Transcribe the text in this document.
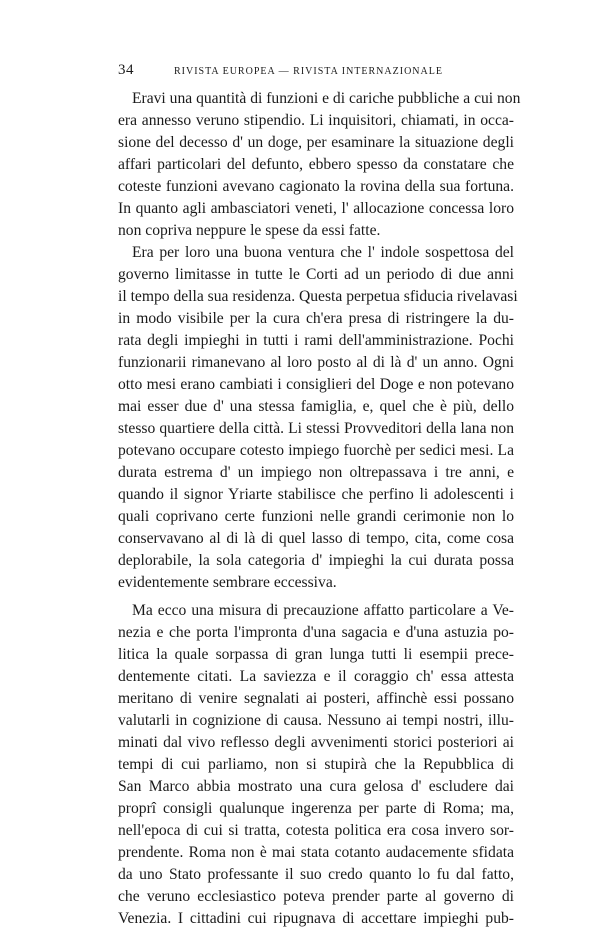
34	RIVISTA EUROPEA — RIVISTA INTERNAZIONALE
Eravi una quantità di funzioni e di cariche pubbliche a cui non
era annesso veruno stipendio. Li inquisitori, chiamati, in occa-
sione del decesso d' un doge, per esaminare la situazione degli
affari particolari del defunto, ebbero spesso da constatare che
coteste funzioni avevano cagionato la rovina della sua fortuna.
In quanto agli ambasciatori veneti, l' allocazione concessa loro
non copriva neppure le spese da essi fatte.
Era per loro una buona ventura che l' indole sospettosa del
governo limitasse in tutte le Corti ad un periodo di due anni
il tempo della sua residenza. Questa perpetua sfiducia rivelavasi
in modo visibile per la cura ch'era presa di ristringere la du-
rata degli impieghi in tutti i rami dell'amministrazione. Pochi
funzionarii rimanevano al loro posto al di là d' un anno. Ogni
otto mesi erano cambiati i consiglieri del Doge e non potevano
mai esser due d' una stessa famiglia, e, quel che è più, dello
stesso quartiere della città. Li stessi Provveditori della lana non
potevano occupare cotesto impiego fuorchè per sedici mesi. La
durata estrema d' un impiego non oltrepassava i tre anni, e
quando il signor Yriarte stabilisce che perfino li adolescenti i
quali coprivano certe funzioni nelle grandi cerimonie non lo
conservavano al di là di quel lasso di tempo, cita, come cosa
deplorabile, la sola categoria d' impieghi la cui durata possa
evidentemente sembrare eccessiva.
Ma ecco una misura di precauzione affatto particolare a Ve-
nezia e che porta l'impronta d'una sagacia e d'una astuzia po-
litica la quale sorpassa di gran lunga tutti li esempii prece-
dentemente citati. La saviezza e il coraggio ch' essa attesta
meritano di venire segnalati ai posteri, affinchè essi possano
valutarli in cognizione di causa. Nessuno ai tempi nostri, illu-
minati dal vivo reflesso degli avvenimenti storici posteriori ai
tempi di cui parliamo, non si stupirà che la Repubblica di
San Marco abbia mostrato una cura gelosa d' escludere dai
proprî consigli qualunque ingerenza per parte di Roma; ma,
nell'epoca di cui si tratta, cotesta politica era cosa invero sor-
prendente. Roma non è mai stata cotanto audacemente sfidata
da uno Stato professante il suo credo quanto lo fu dal fatto,
che veruno ecclesiastico poteva prender parte al governo di
Venezia. I cittadini cui ripugnava di accettare impieghi pub-
